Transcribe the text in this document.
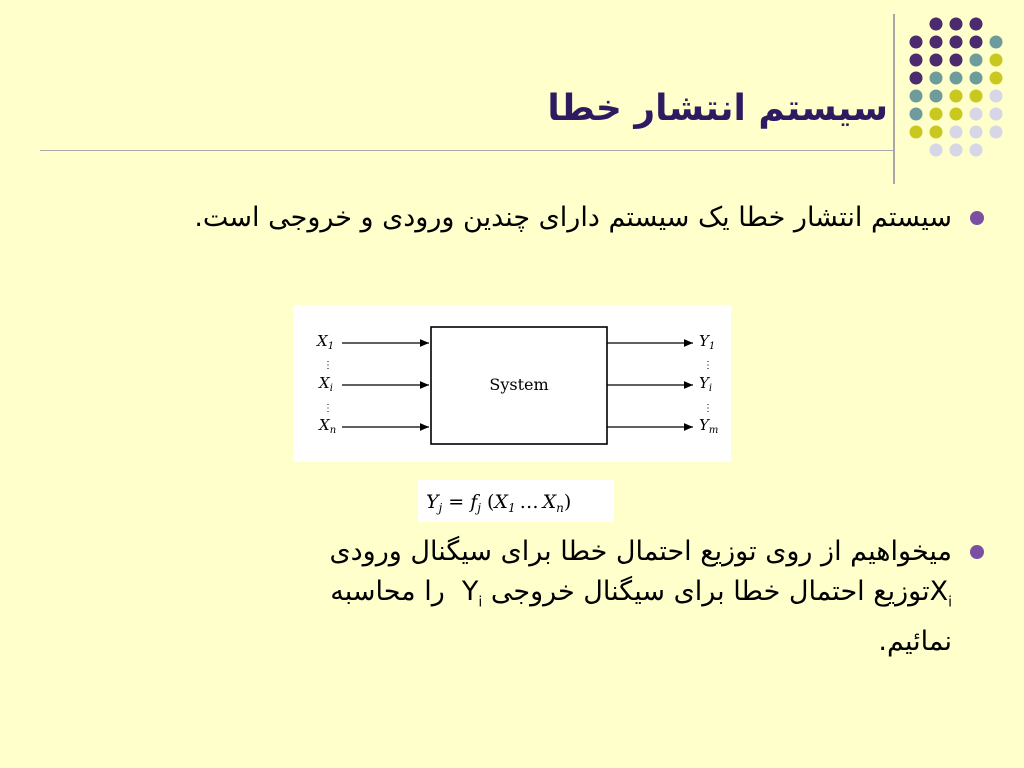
سیستم انتشار خطا
سیستم انتشار خطا یک سیستم دارای چندین ورودی و خروجی است.
System
$X_1$
⋮
$X_i$
⋮
$X_n$
$Y_1$
⋮
$Y_i$
⋮
$Y_m$
$Y_j = f_j$ ($X_1$ … $X_n$)
میخواهیم از روی توزیع احتمال خطا برای سیگنال ورودی
$X_iتوزیع$ احتمال خطا برای سیگنال خروجی $Y_i$  را محاسبه
نمائیم.
